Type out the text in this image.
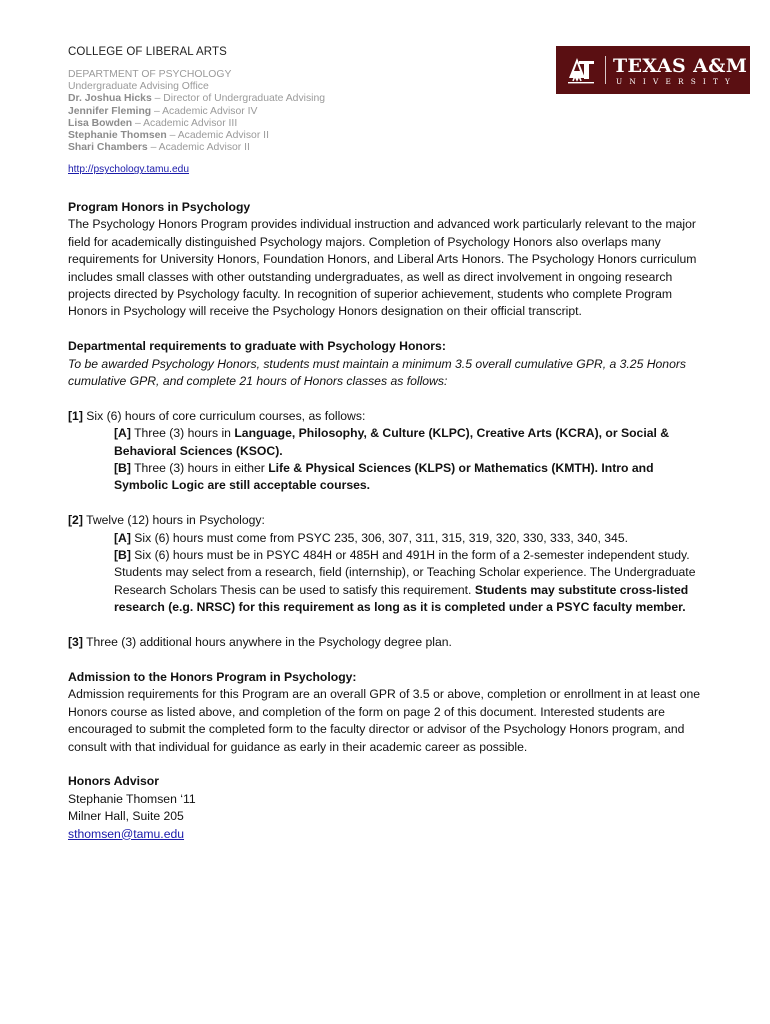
COLLEGE OF LIBERAL ARTS
DEPARTMENT OF PSYCHOLOGY
Undergraduate Advising Office
Dr. Joshua Hicks – Director of Undergraduate Advising
Jennifer Fleming – Academic Advisor IV
Lisa Bowden – Academic Advisor III
Stephanie Thomsen – Academic Advisor II
Shari Chambers – Academic Advisor II
http://psychology.tamu.edu
TEXAS A&M
UNIVERSITY

Program Honors in Psychology

The Psychology Honors Program provides individual instruction and advanced work particularly relevant to the major field for academically distinguished Psychology majors. Completion of Psychology Honors also overlaps many requirements for University Honors, Foundation Honors, and Liberal Arts Honors. The Psychology Honors curriculum includes small classes with other outstanding undergraduates, as well as direct involvement in ongoing research projects directed by Psychology faculty. In recognition of superior achievement, students who complete Program Honors in Psychology will receive the Psychology Honors designation on their official transcript.

Departmental requirements to graduate with Psychology Honors:

To be awarded Psychology Honors, students must maintain a minimum 3.5 overall cumulative GPR, a 3.25 Honors cumulative GPR, and complete 21 hours of Honors classes as follows:

[1] Six (6) hours of core curriculum courses, as follows:

[A] Three (3) hours in Language, Philosophy, & Culture (KLPC), Creative Arts (KCRA), or Social & Behavioral Sciences (KSOC).

[B] Three (3) hours in either Life & Physical Sciences (KLPS) or Mathematics (KMTH). Intro and Symbolic Logic are still acceptable courses.

[2] Twelve (12) hours in Psychology:

[A] Six (6) hours must come from PSYC 235, 306, 307, 311, 315, 319, 320, 330, 333, 340, 345.

[B] Six (6) hours must be in PSYC 484H or 485H and 491H in the form of a 2-semester independent study. Students may select from a research, field (internship), or Teaching Scholar experience. The Undergraduate Research Scholars Thesis can be used to satisfy this requirement. Students may substitute cross-listed research (e.g. NRSC) for this requirement as long as it is completed under a PSYC faculty member.

[3] Three (3) additional hours anywhere in the Psychology degree plan.

Admission to the Honors Program in Psychology:

Admission requirements for this Program are an overall GPR of 3.5 or above, completion or enrollment in at least one Honors course as listed above, and completion of the form on page 2 of this document. Interested students are encouraged to submit the completed form to the faculty director or advisor of the Psychology Honors program, and consult with that individual for guidance as early in their academic career as possible.

Honors Advisor

Stephanie Thomsen ‘11

Milner Hall, Suite 205

sthomsen@tamu.edu
